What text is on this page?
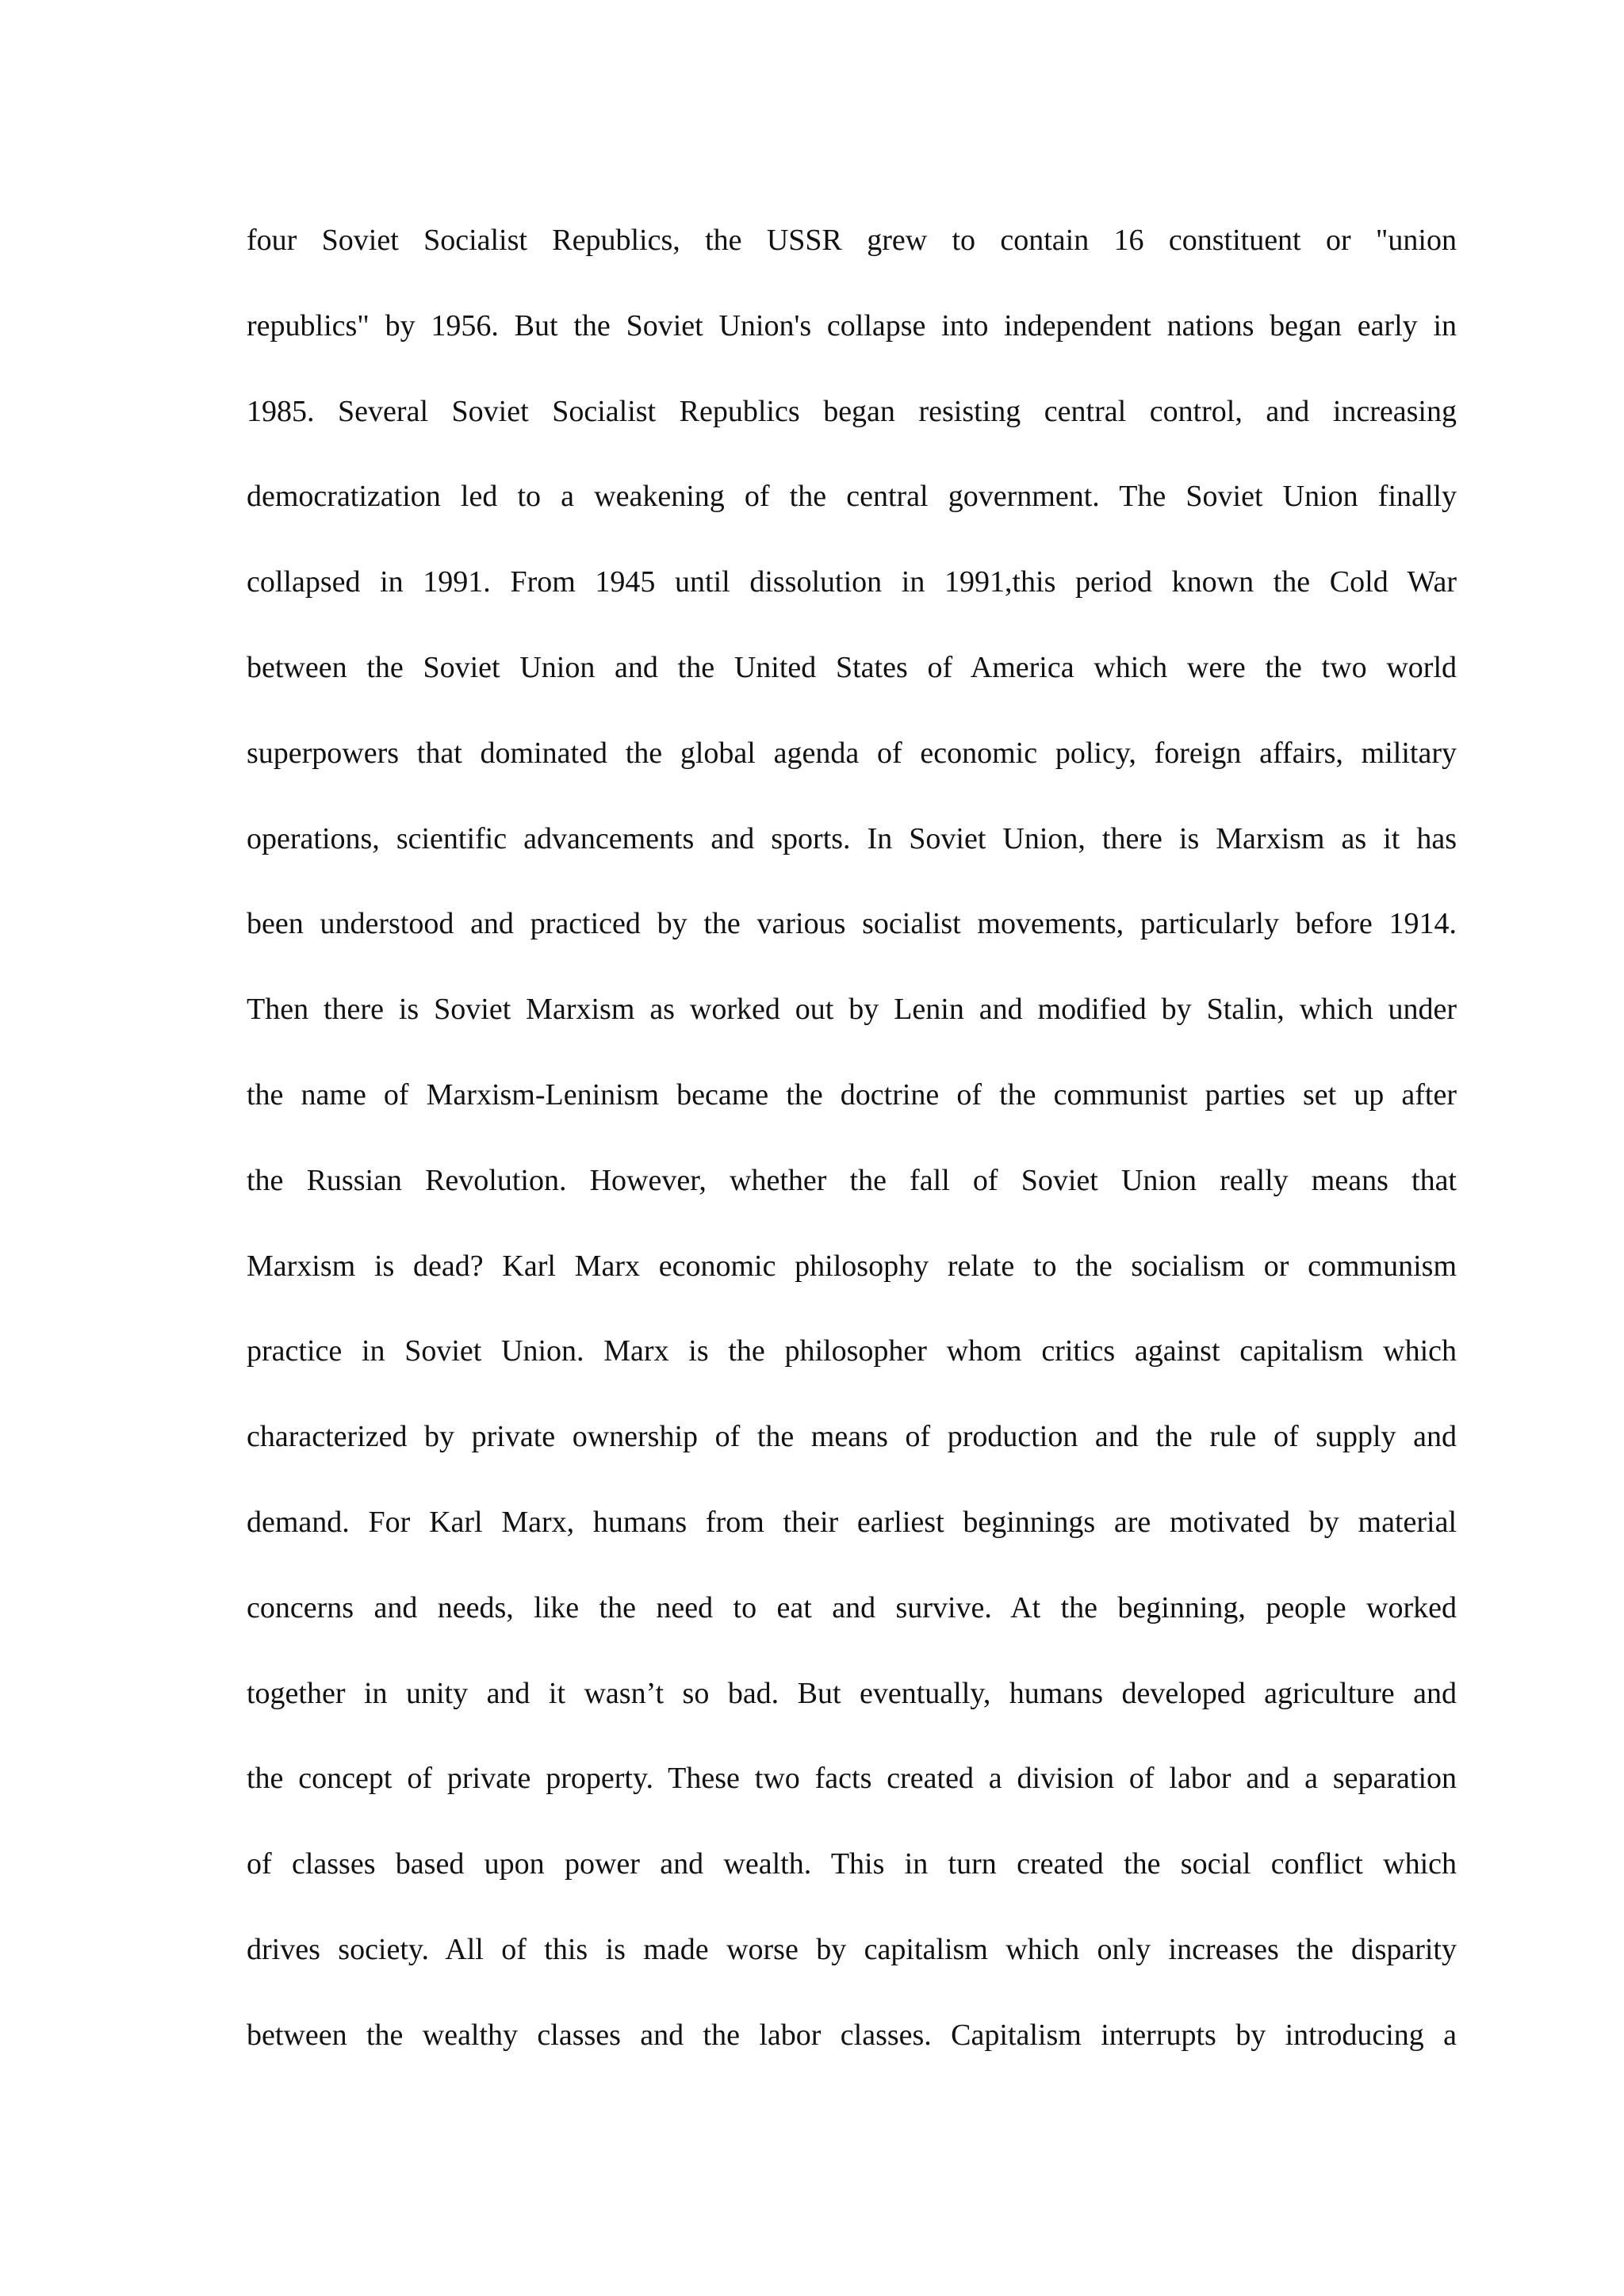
four Soviet Socialist Republics, the USSR grew to contain 16 constituent or "union
republics" by 1956. But the Soviet Union's collapse into independent nations began early in
1985. Several Soviet Socialist Republics began resisting central control, and increasing
democratization led to a weakening of the central government. The Soviet Union finally
collapsed in 1991. From 1945 until dissolution in 1991,this period known the Cold War
between the Soviet Union and the United States of America which were the two world
superpowers that dominated the global agenda of economic policy, foreign affairs, military
operations, scientific advancements and sports. In Soviet Union, there is Marxism as it has
been understood and practiced by the various socialist movements, particularly before 1914.
Then there is Soviet Marxism as worked out by Lenin and modified by Stalin, which under
the name of Marxism-Leninism became the doctrine of the communist parties set up after
the Russian Revolution. However, whether the fall of Soviet Union really means that
Marxism is dead? Karl Marx economic philosophy relate to the socialism or communism
practice in Soviet Union. Marx is the philosopher whom critics against capitalism which
characterized by private ownership of the means of production and the rule of supply and
demand. For Karl Marx, humans from their earliest beginnings are motivated by material
concerns and needs, like the need to eat and survive. At the beginning, people worked
together in unity and it wasn’t so bad. But eventually, humans developed agriculture and
the concept of private property. These two facts created a division of labor and a separation
of classes based upon power and wealth. This in turn created the social conflict which
drives society. All of this is made worse by capitalism which only increases the disparity
between the wealthy classes and the labor classes. Capitalism interrupts by introducing a
